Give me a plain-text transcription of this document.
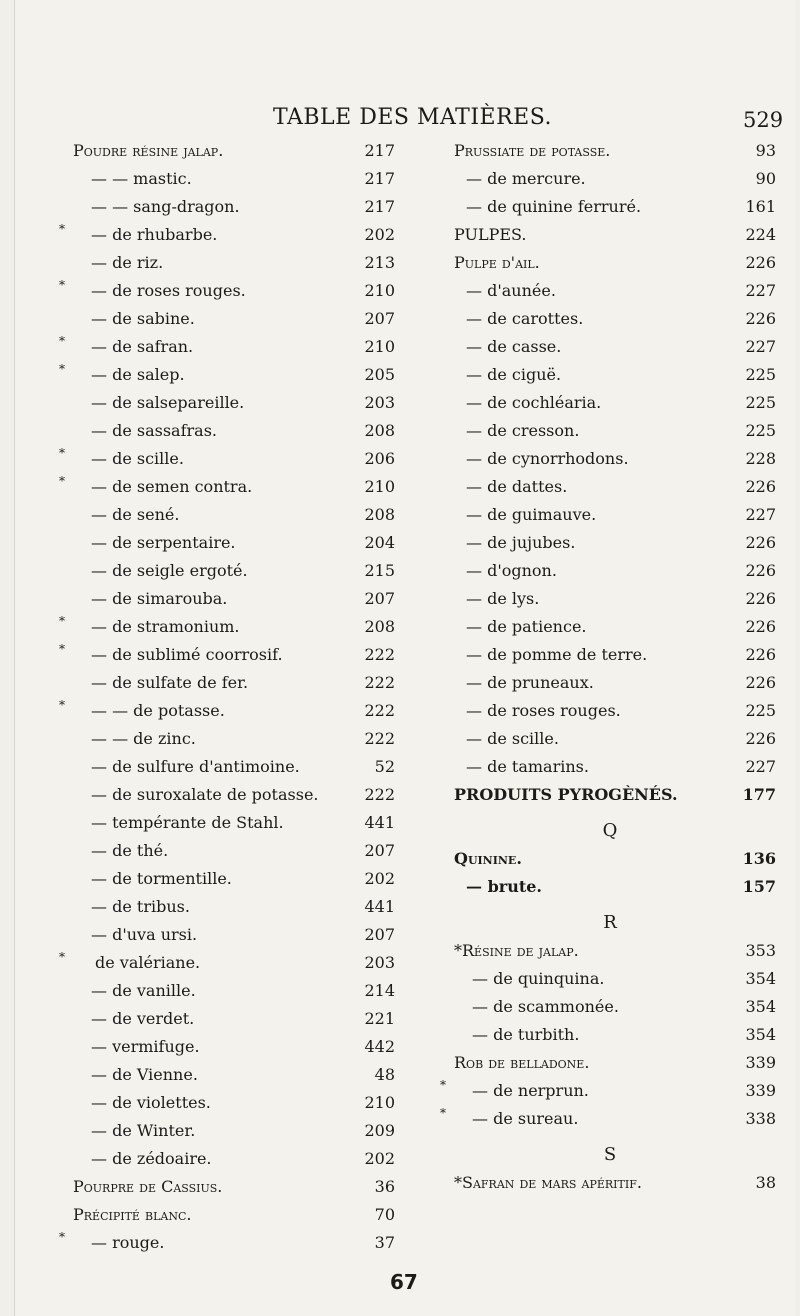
TABLE DES MATIÈRES.	529
Poudre résine jalap.	217
— — mastic.	217
— — sang-dragon.	217
* — de rhubarbe.	202
— de riz.	213
* — de roses rouges.	210
— de sabine.	207
* — de safran.	210
* — de salep.	205
— de salsepareille.	203
— de sassafras.	208
* — de scille.	206
* — de semen contra.	210
— de sené.	208
— de serpentaire.	204
— de seigle ergoté.	215
— de simarouba.	207
* — de stramonium.	208
* — de sublimé coorrosif.	222
— de sulfate de fer.	222
* — — de potasse.	222
— — de zinc.	222
— de sulfure d'antimoine.	52
— de suroxalate de potasse.	222
— tempérante de Stahl.	441
— de thé.	207
— de tormentille.	202
— de tribus.	441
— d'uva ursi.	207
* de valériane.	203
— de vanille.	214
— de verdet.	221
— vermifuge.	442
— de Vienne.	48
— de violettes.	210
— de Winter.	209
— de zédoaire.	202
Pourpre de Cassius.	36
Précipité blanc.	70
* — rouge.	37
Prussiate de potasse.	93
— de mercure.	90
— de quinine ferruré.	161
PULPES.	224
Pulpe d'ail.	226
— d'aunée.	227
— de carottes.	226
— de casse.	227
— de ciguë.	225
— de cochléaria.	225
— de cresson.	225
— de cynorrhodons.	228
— de dattes.	226
— de guimauve.	227
— de jujubes.	226
— d'ognon.	226
— de lys.	226
— de patience.	226
— de pomme de terre.	226
— de pruneaux.	226
— de roses rouges.	225
— de scille.	226
— de tamarins.	227
PRODUITS PYROGÈNÉS.	177
Q
Quinine.	136
— brute.	157
R
*Résine de jalap.	353
— de quinquina.	354
— de scammonée.	354
— de turbith.	354
Rob de belladone.	339
* — de nerprun.	339
* — de sureau.	338
S
*Safran de mars apéritif.	38
67
